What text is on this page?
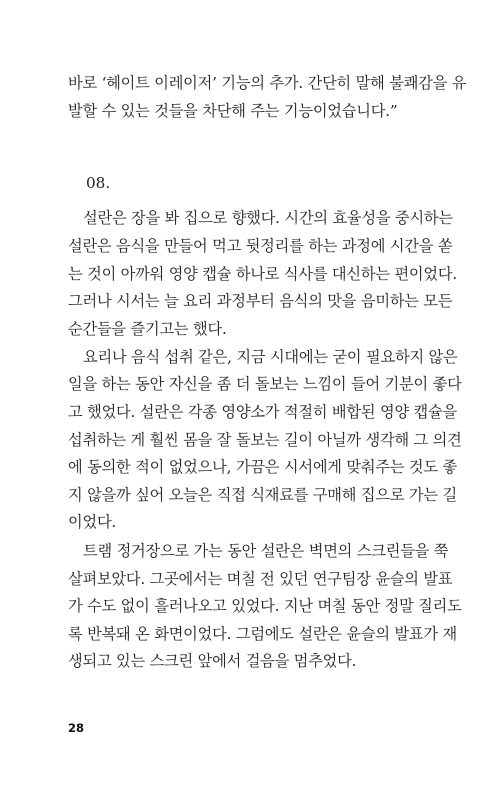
바로 ‘헤이트 이레이저’ 기능의 추가. 간단히 말해 불쾌감을 유
발할 수 있는 것들을 차단해 주는 기능이었습니다.”
08.
설란은 장을 봐 집으로 향했다. 시간의 효율성을 중시하는
설란은 음식을 만들어 먹고 뒷정리를 하는 과정에 시간을 쏟
는 것이 아까워 영양 캡슐 하나로 식사를 대신하는 편이었다.
그러나 시서는 늘 요리 과정부터 음식의 맛을 음미하는 모든
순간들을 즐기고는 했다.
요리나 음식 섭취 같은, 지금 시대에는 굳이 필요하지 않은
일을 하는 동안 자신을 좀 더 돌보는 느낌이 들어 기분이 좋다
고 했었다. 설란은 각종 영양소가 적절히 배합된 영양 캡슐을
섭취하는 게 훨씬 몸을 잘 돌보는 길이 아닐까 생각해 그 의견
에 동의한 적이 없었으나, 가끔은 시서에게 맞춰주는 것도 좋
지 않을까 싶어 오늘은 직접 식재료를 구매해 집으로 가는 길
이었다.
트램 정거장으로 가는 동안 설란은 벽면의 스크린들을 쭉
살펴보았다. 그곳에서는 며칠 전 있던 연구팀장 윤슬의 발표
가 수도 없이 흘러나오고 있었다. 지난 며칠 동안 정말 질리도
록 반복돼 온 화면이었다. 그럼에도 설란은 윤슬의 발표가 재
생되고 있는 스크린 앞에서 걸음을 멈추었다.
28
